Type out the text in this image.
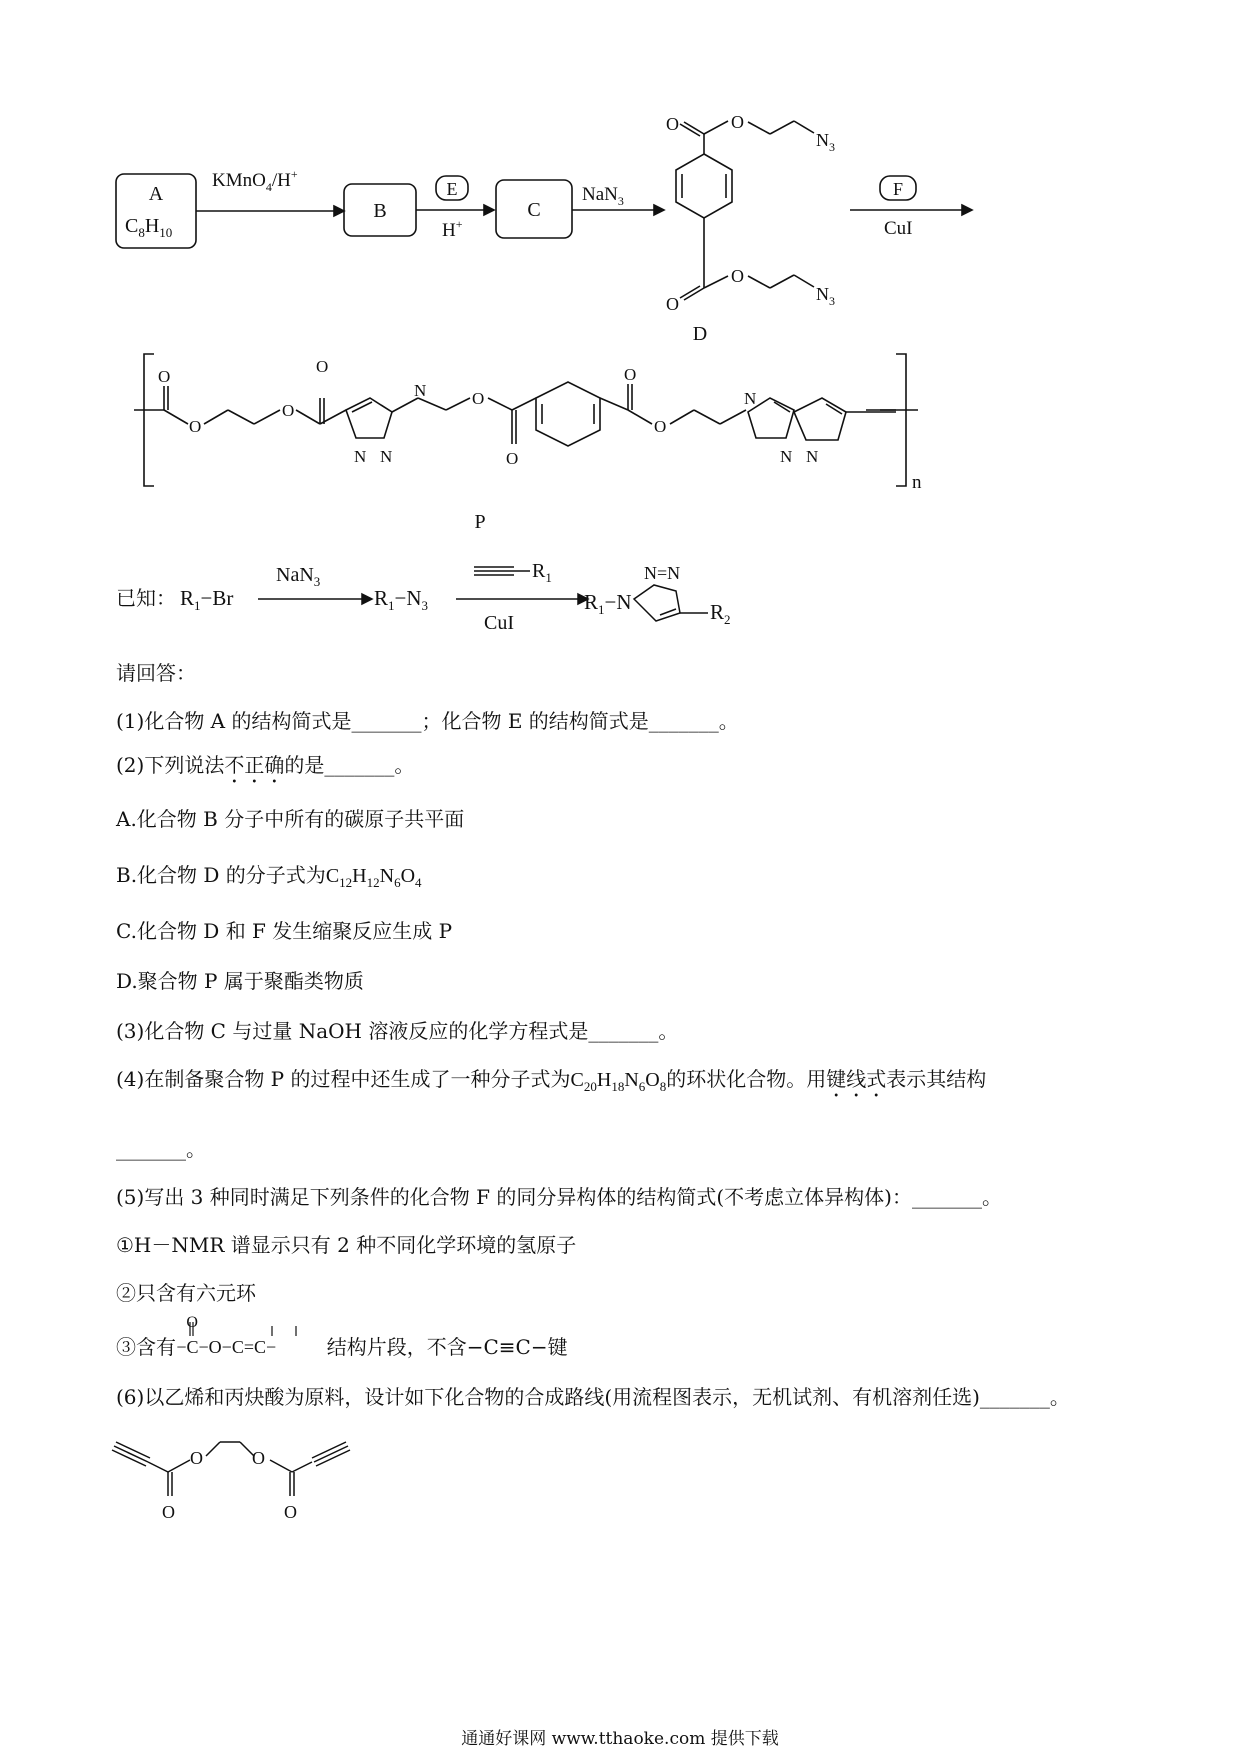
A
$C_8H_{10}$
KMnO$_4$/H+
B
E
H+
C
NaN$_3$
O	O
$N_3$
O
O
$N_3$
D
F
CuI
O
O
O
O
N
N N
O
O
O
O
N
N N
n
P
已知： $R_1-Br$
NaN$_3$
$R_1-N_3$
$R_1$
CuI
$R_1-N$
N=N
$R_2$
请回答：
(1)化合物 A 的结构简式是_______；化合物 E 的结构简式是_______。
(2)下列说法不正确的是_______。
A.化合物 B 分子中所有的碳原子共平面
B.化合物 D 的分子式为$C_{12}H_{12}N_6O_4$
C.化合物 D 和 F 发生缩聚反应生成 P
D.聚合物 P 属于聚酯类物质
(3)化合物 C 与过量 NaOH 溶液反应的化学方程式是_______。
(4)在制备聚合物 P 的过程中还生成了一种分子式为$C_{20}H_{18}N_6O_8$的环状化合物。用键线式表示其结构
_______。
(5)写出 3 种同时满足下列条件的化合物 F 的同分异构体的结构简式(不考虑立体异构体)：_______。
①H－NMR 谱显示只有 2 种不同化学环境的氢原子
②只含有六元环
③含有
O
−C−O−C=C−	结构片段，不含−C≡C−键
(6)以乙烯和丙炔酸为原料，设计如下化合物的合成路线(用流程图表示，无机试剂、有机溶剂任选)_______。
O	O
O	O
通通好课网 www.tthaoke.com 提供下载
